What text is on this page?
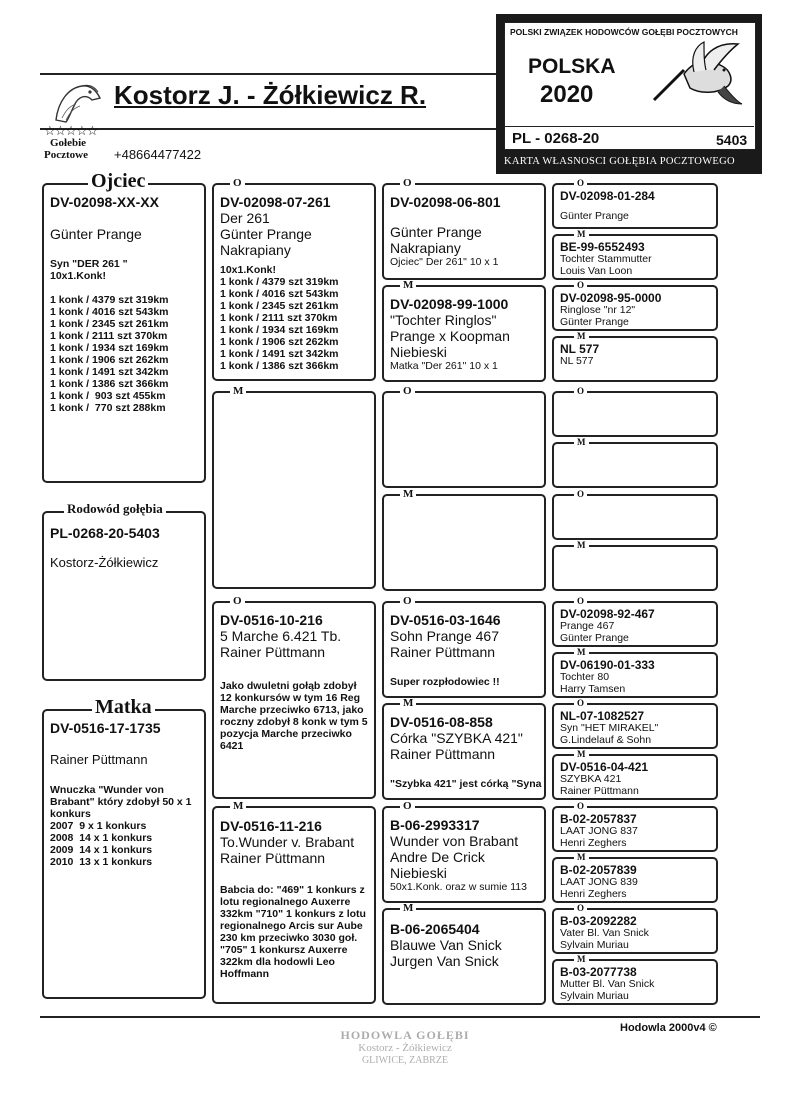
☆☆☆☆☆
Gołebie
Pocztowe +48664477422
Kostorz J. - Żółkiewicz R.
POLSKI ZWIĄZEK HODOWCÓW GOŁĘBI POCZTOWYCH
POLSKA
2020
PL - 0268-20	5403
KARTA WŁASNOŚCI GOŁĘBIA POCZTOWEGO
DV-02098-XX-XX
Günter Prange
Syn "DER 261 "
10x1.Konk!
1 konk / 4379 szt 319km
1 konk / 4016 szt 543km
1 konk / 2345 szt 261km
1 konk / 2111 szt 370km
1 konk / 1934 szt 169km
1 konk / 1906 szt 262km
1 konk / 1491 szt 342km
1 konk / 1386 szt 366km
1 konk /  903 szt 455km
1 konk /  770 szt 288km
Ojciec
PL-0268-20-5403
Kostorz-Żółkiewicz
Rodowód gołębia
DV-0516-17-1735
Rainer Püttmann
Wnuczka "Wunder von Brabant" który zdobył 50 x 1 konkurs
2007  9 x 1 konkurs
2008  14 x 1 konkurs
2009  14 x 1 konkurs
2010  13 x 1 konkurs
Matka
DV-02098-07-261
Der 261
Günter Prange
Nakrapiany
10x1.Konk!
1 konk / 4379 szt 319km
1 konk / 4016 szt 543km
1 konk / 2345 szt 261km
1 konk / 2111 szt 370km
1 konk / 1934 szt 169km
1 konk / 1906 szt 262km
1 konk / 1491 szt 342km
1 konk / 1386 szt 366km
O
M
DV-0516-10-216
5 Marche 6.421 Tb.
Rainer Püttmann
Jako dwuletni gołąb zdobył 12 konkursów w tym 16 Reg Marche przeciwko 6713, jako roczny zdobył 8 konk w tym 5 pozycja Marche przeciwko 6421
O
DV-0516-11-216
To.Wunder v. Brabant
Rainer Püttmann
Babcia do: "469" 1 konkurs z lotu regionalnego Auxerre 332km "710" 1 konkurs z lotu regionalnego Arcis sur Aube 230 km przeciwko 3030 goł. "705" 1 konkursz Auxerre 322km dla hodowli Leo Hoffmann
M
DV-02098-06-801
Günter Prange
Nakrapiany
Ojciec" Der 261" 10 x 1
O
DV-02098-99-1000
"Tochter Ringlos"
Prange x Koopman
Niebieski
Matka "Der 261" 10 x 1
M
O
M
DV-0516-03-1646
Sohn Prange 467
Rainer Püttmann
Super rozpłodowiec !!
O
DV-0516-08-858
Córka "SZYBKA 421"
Rainer Püttmann
"Szybka 421" jest córką "Syna
M
B-06-2993317
Wunder von Brabant
Andre De Crick
Niebieski
50x1.Konk. oraz w sumie 113
O
B-06-2065404
Blauwe Van Snick
Jurgen Van Snick
M
DV-02098-01-284
Günter Prange
O
BE-99-6552493
Tochter Stammutter
Louis Van Loon
M
DV-02098-95-0000
Ringlose "nr 12"
Günter Prange
O
NL 577
NL 577
M
O
M
O
M
DV-02098-92-467
Prange 467
Günter Prange
O
DV-06190-01-333
Tochter 80
Harry Tamsen
M
NL-07-1082527
Syn "HET MIRAKEL"
G.Lindelauf & Sohn
O
DV-0516-04-421
SZYBKA 421
Rainer Püttmann
M
B-02-2057837
LAAT JONG 837
Henri Zeghers
O
B-02-2057839
LAAT JONG 839
Henri Zeghers
M
B-03-2092282
Vater Bl. Van Snick
Sylvain Muriau
O
B-03-2077738
Mutter Bl. Van Snick
Sylvain Muriau
M
Hodowla 2000v4 ©
HODOWLA GOŁĘBI
Kostorz - Żółkiewicz
GLIWICE, ZABRZE
